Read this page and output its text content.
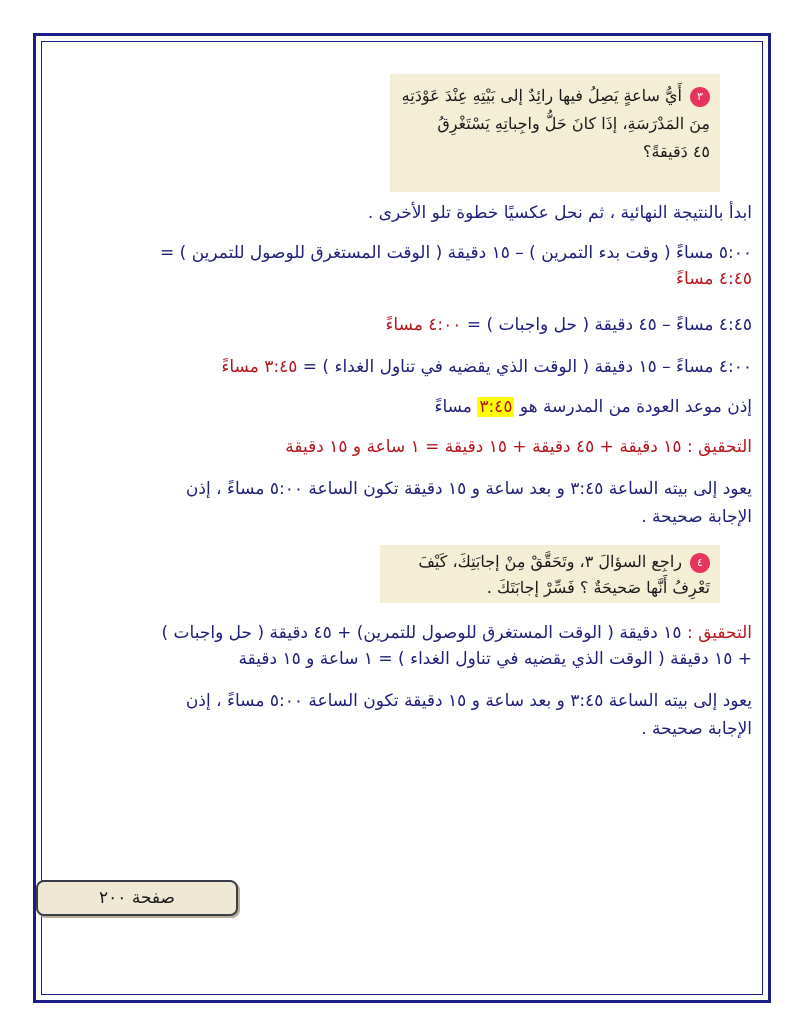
٣أَيُّ ساعةٍ يَصِلُ فيها رائِدٌ إلى بَيْتِهِ عِنْدَ عَوْدَتِهِ
مِنَ المَدْرَسَةِ، إذَا كانَ حَلُّ واجِباتِهِ يَسْتَغْرِقُ
٤٥ دَقيقةً؟
ابدأ بالنتيجة النهائية ، ثم نحل عكسيًا خطوة تلو الأخرى .
٥:٠٠ مساءً ( وقت بدء التمرين ) – ١٥ دقيقة ( الوقت المستغرق للوصول للتمرين ) =
٤:٤٥ مساءً
٤:٤٥ مساءً – ٤٥ دقيقة ( حل واجبات ) = ٤:٠٠ مساءً
٤:٠٠ مساءً – ١٥ دقيقة ( الوقت الذي يقضيه في تناول الغداء ) = ٣:٤٥ مساءً
إذن موعد العودة من المدرسة هو ٣:٤٥ مساءً
التحقيق : ١٥ دقيقة + ٤٥ دقيقة + ١٥ دقيقة = ١ ساعة و ١٥ دقيقة
يعود إلى بيته الساعة ٣:٤٥ و بعد ساعة و ١٥ دقيقة تكون الساعة ٥:٠٠ مساءً ، إذن
الإجابة صحيحة .
٤راجِع السؤالَ ٣، وتَحَقَّقْ مِنْ إجابَتِكَ، كَيْفَ
تَعْرِفُ أَنَّها صَحيحَةٌ ؟ فَسِّرْ إجابَتَكَ .
التحقيق : ١٥ دقيقة ( الوقت المستغرق للوصول للتمرين) + ٤٥ دقيقة ( حل واجبات )
+ ١٥ دقيقة ( الوقت الذي يقضيه في تناول الغداء ) = ١ ساعة و ١٥ دقيقة
يعود إلى بيته الساعة ٣:٤٥ و بعد ساعة و ١٥ دقيقة تكون الساعة ٥:٠٠ مساءً ، إذن
الإجابة صحيحة .
صفحة ٢٠٠
